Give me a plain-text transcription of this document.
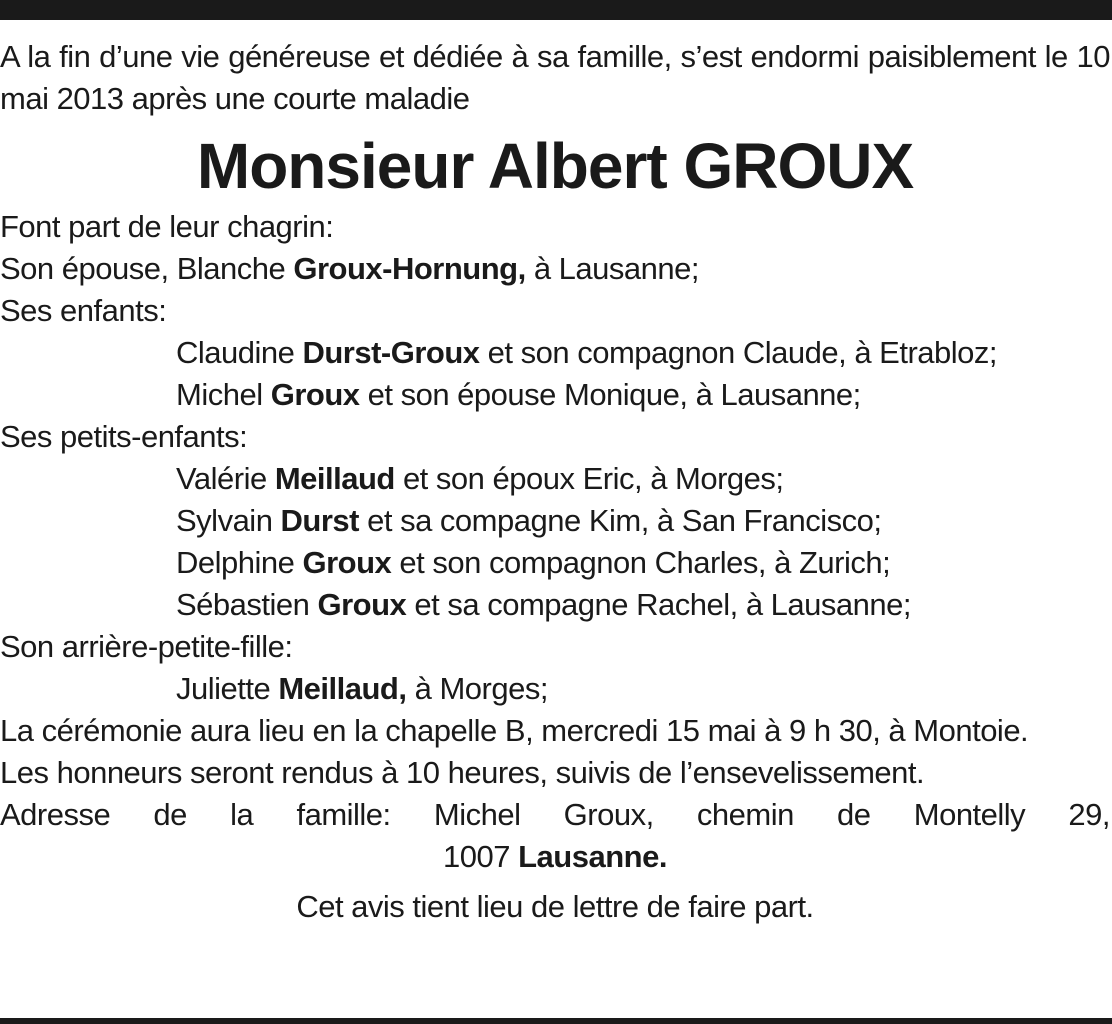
A la fin d’une vie généreuse et dédiée à sa famille, s’est endormi paisiblement le 10 mai 2013 après une courte maladie

Monsieur Albert GROUX

Font part de leur chagrin:

Son épouse, Blanche Groux-Hornung, à Lausanne;

Ses enfants:

Claudine Durst-Groux et son compagnon Claude, à Etrabloz;

Michel Groux et son épouse Monique, à Lausanne;

Ses petits-enfants:

Valérie Meillaud et son époux Eric, à Morges;

Sylvain Durst et sa compagne Kim, à San Francisco;

Delphine Groux et son compagnon Charles, à Zurich;

Sébastien Groux et sa compagne Rachel, à Lausanne;

Son arrière-petite-fille:

Juliette Meillaud, à Morges;

La cérémonie aura lieu en la chapelle B, mercredi 15 mai à 9 h 30, à Montoie.

Les honneurs seront rendus à 10 heures, suivis de l’ensevelissement.

Adresse de la famille: Michel Groux, chemin de Montelly 29,

1007 Lausanne.

Cet avis tient lieu de lettre de faire part.
